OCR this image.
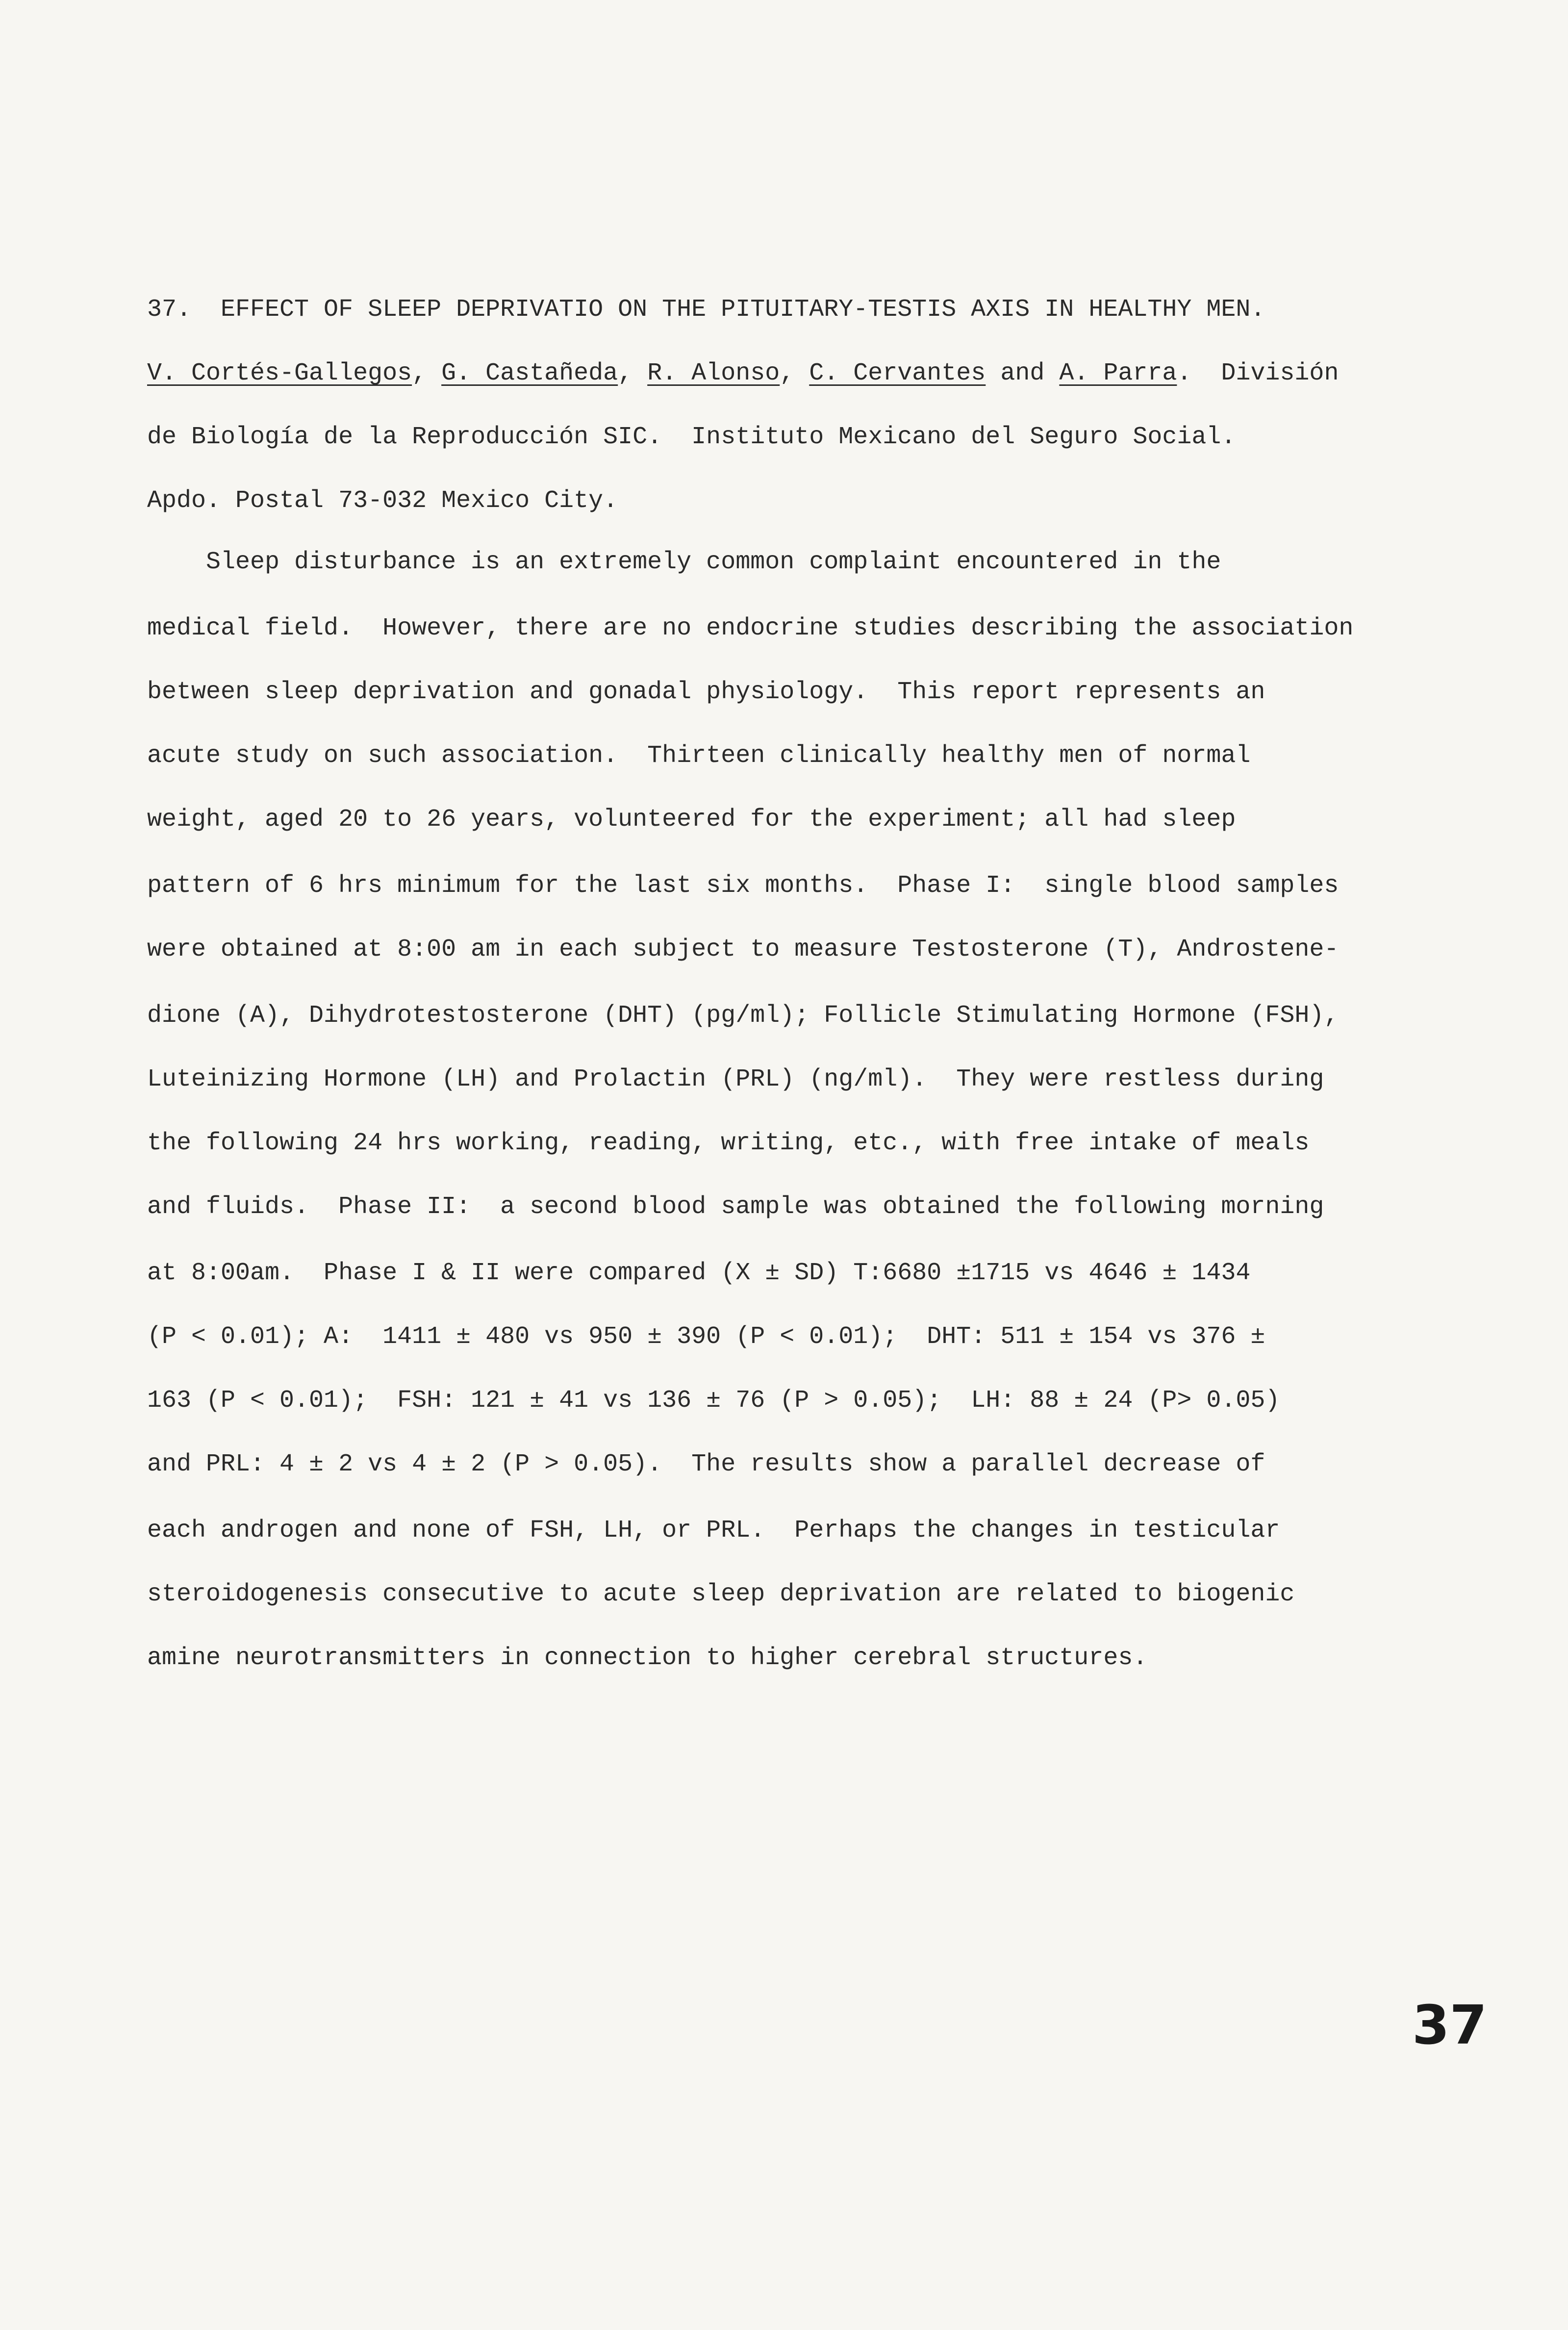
37.  EFFECT OF SLEEP DEPRIVATIO ON THE PITUITARY-TESTIS AXIS IN HEALTHY MEN.
V. Cortés-Gallegos, G. Castañeda, R. Alonso, C. Cervantes and A. Parra.  División
de Biología de la Reproducción SIC.  Instituto Mexicano del Seguro Social.
Apdo. Postal 73-032 Mexico City.
Sleep disturbance is an extremely common complaint encountered in the
medical field.  However, there are no endocrine studies describing the association
between sleep deprivation and gonadal physiology.  This report represents an
acute study on such association.  Thirteen clinically healthy men of normal
weight, aged 20 to 26 years, volunteered for the experiment; all had sleep
pattern of 6 hrs minimum for the last six months.  Phase I:  single blood samples
were obtained at 8:00 am in each subject to measure Testosterone (T), Androstene-
dione (A), Dihydrotestosterone (DHT) (pg/ml); Follicle Stimulating Hormone (FSH),
Luteinizing Hormone (LH) and Prolactin (PRL) (ng/ml).  They were restless during
the following 24 hrs working, reading, writing, etc., with free intake of meals
and fluids.  Phase II:  a second blood sample was obtained the following morning
at 8:00am.  Phase I & II were compared (X ± SD) T:6680 ±1715 vs 4646 ± 1434
(P < 0.01); A:  1411 ± 480 vs 950 ± 390 (P < 0.01);  DHT: 511 ± 154 vs 376 ±
163 (P < 0.01);  FSH: 121 ± 41 vs 136 ± 76 (P > 0.05);  LH: 88 ± 24 (P> 0.05)
and PRL: 4 ± 2 vs 4 ± 2 (P > 0.05).  The results show a parallel decrease of
each androgen and none of FSH, LH, or PRL.  Perhaps the changes in testicular
steroidogenesis consecutive to acute sleep deprivation are related to biogenic
amine neurotransmitters in connection to higher cerebral structures.
37
